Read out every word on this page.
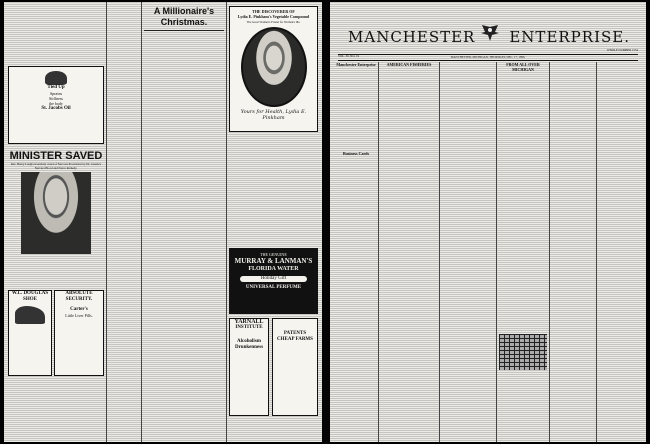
Tied Up
Sprains
Stiffness
the body
St. Jacobs Oil
MINISTER SAVED
Rev. Henry Langford entirely cured of Nervous Prostration by Dr. Greene's Nervura Blood and Nerve Remedy.
W.L. DOUGLAS
SHOE
ABSOLUTE
SECURITY.
Carter's
Little Liver Pills.
A Millionaire's Christmas.
THE DISCOVERER OF
Lydia E. Pinkham's Vegetable Compound
The Great Woman's Friend for Woman's Ills.
Yours for Health, Lydia E. Pinkham
THE GENUINE
MURRAY & LANMAN'S
FLORIDA WATER
Holiday Gift
UNIVERSAL PERFUME
YARNALL
INSTITUTE
Alcoholism
Drunkenness
PATENTS
CHEAP FARMS
MANCHESTER ENTERPRISE.
WHOLE NUMBER 1554
MANCHESTER, MICHIGAN, THURSDAY, DEC. 17, 1896.
VOL. 30, NO. 19
Manchester Enterprise
Business Cards
AMERICAN FISHERIES	FROM ALL OVER MICHIGAN
